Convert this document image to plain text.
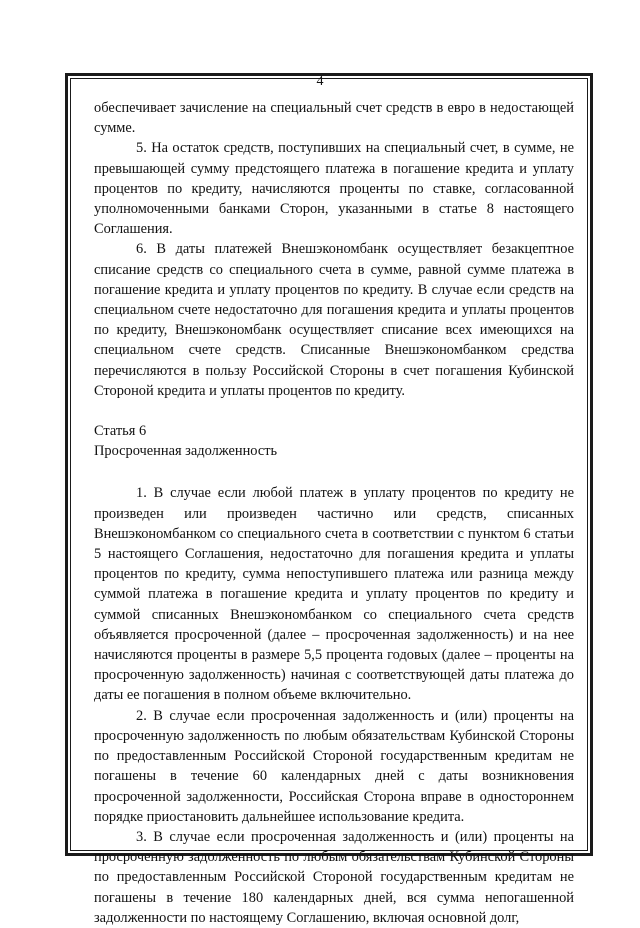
4

обеспечивает зачисление на специальный счет средств в евро в недостающей сумме.

5. На остаток средств, поступивших на специальный счет, в сумме, не превышающей сумму предстоящего платежа в погашение кредита и уплату процентов по кредиту, начисляются проценты по ставке, согласованной уполномоченными банками Сторон, указанными в статье 8 настоящего Соглашения.

6. В даты платежей Внешэкономбанк осуществляет безакцептное списание средств со специального счета в сумме, равной сумме платежа в погашение кредита и уплату процентов по кредиту. В случае если средств на специальном счете недостаточно для погашения кредита и уплаты процентов по кредиту, Внешэкономбанк осуществляет списание всех имеющихся на специальном счете средств. Списанные Внешэкономбанком средства перечисляются в пользу Российской Стороны в счет погашения Кубинской Стороной кредита и уплаты процентов по кредиту.

Статья 6

Просроченная задолженность

1. В случае если любой платеж в уплату процентов по кредиту не произведен или произведен частично или средств, списанных Внешэкономбанком со специального счета в соответствии с пунктом 6 статьи 5 настоящего Соглашения, недостаточно для погашения кредита и уплаты процентов по кредиту, сумма непоступившего платежа или разница между суммой платежа в погашение кредита и уплату процентов по кредиту и суммой списанных Внешэкономбанком со специального счета средств объявляется просроченной (далее – просроченная задолженность) и на нее начисляются проценты в размере 5,5 процента годовых (далее – проценты на просроченную задолженность) начиная с соответствующей даты платежа до даты ее погашения в полном объеме включительно.

2. В случае если просроченная задолженность и (или) проценты на просроченную задолженность по любым обязательствам Кубинской Стороны по предоставленным Российской Стороной государственным кредитам не погашены в течение 60 календарных дней с даты возникновения просроченной задолженности, Российская Сторона вправе в одностороннем порядке приостановить дальнейшее использование кредита.

3. В случае если просроченная задолженность и (или) проценты на просроченную задолженность по любым обязательствам Кубинской Стороны по предоставленным Российской Стороной государственным кредитам не погашены в течение 180 календарных дней, вся сумма непогашенной задолженности по настоящему Соглашению, включая основной долг,
